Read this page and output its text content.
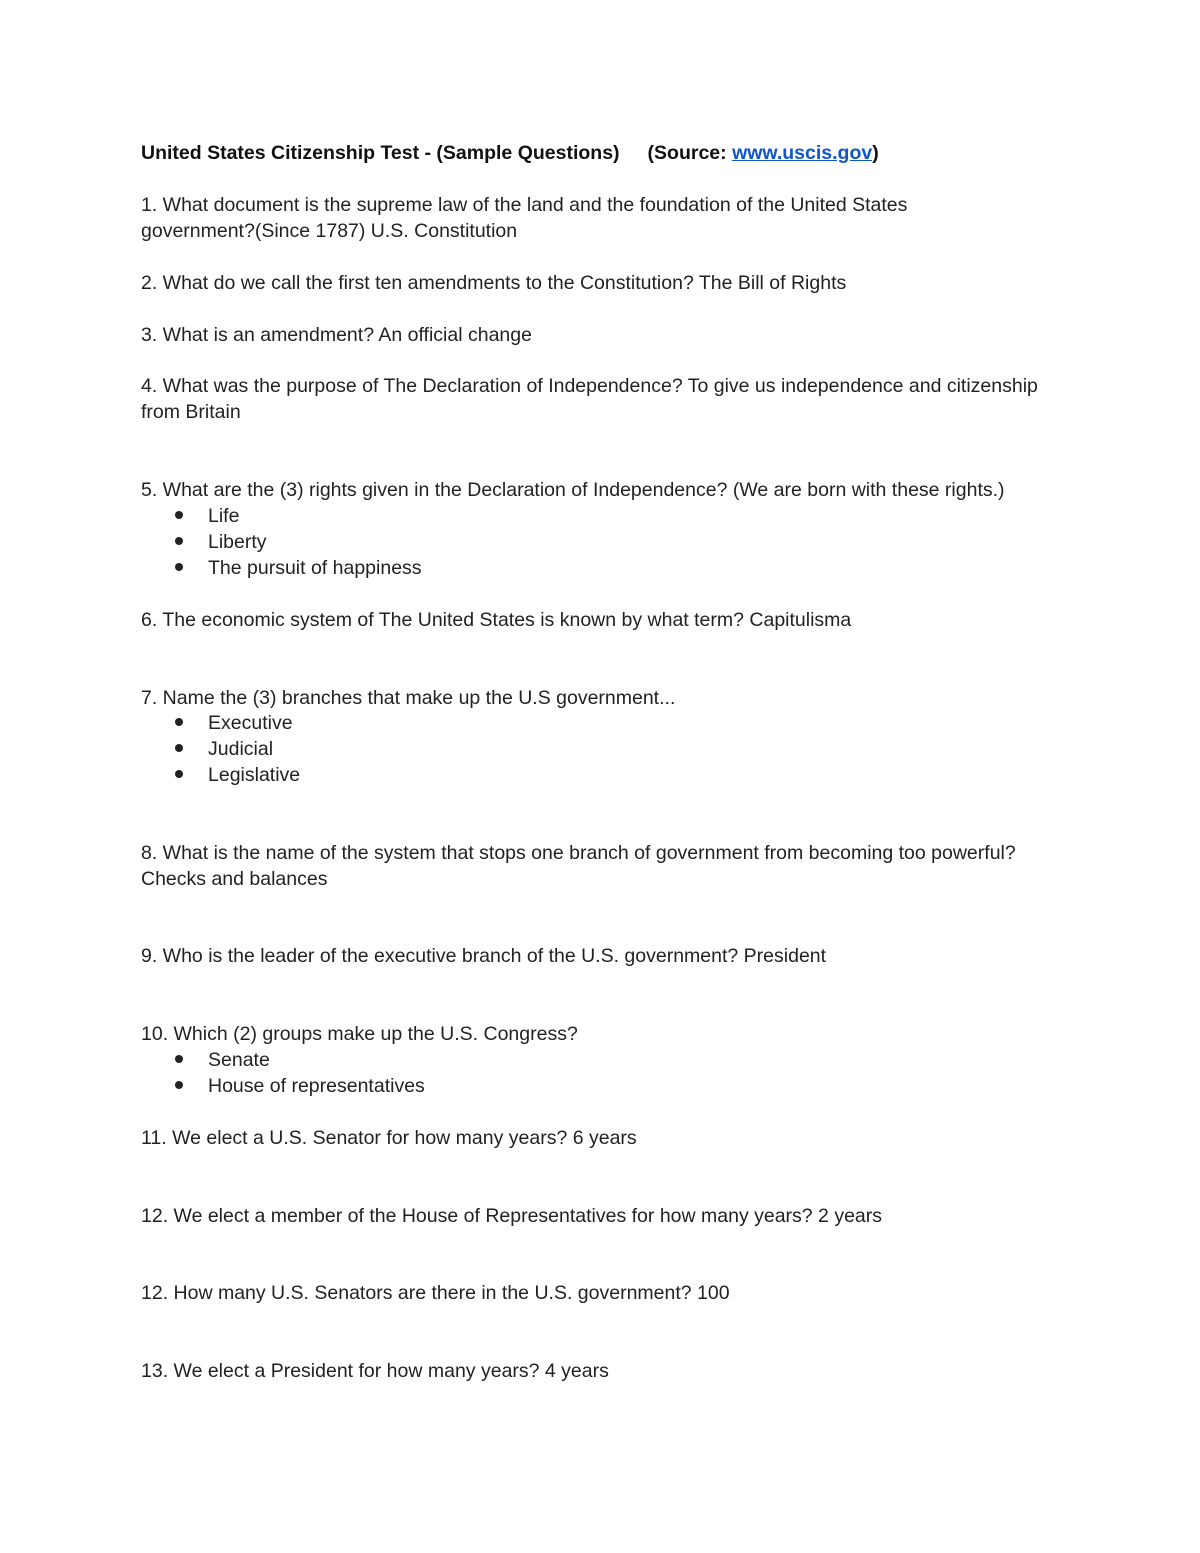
United States Citizenship Test - (Sample Questions) (Source: www.uscis.gov)

1. What document is the supreme law of the land and the foundation of the United States

government?(Since 1787) U.S. Constitution

2. What do we call the first ten amendments to the Constitution? The Bill of Rights

3. What is an amendment? An official change

4. What was the purpose of The Declaration of Independence? To give us independence and citizenship

from Britain

5. What are the (3) rights given in the Declaration of Independence? (We are born with these rights.)

Life
Liberty
The pursuit of happiness

6. The economic system of The United States is known by what term? Capitulisma

7. Name the (3) branches that make up the U.S government...

Executive
Judicial
Legislative

8. What is the name of the system that stops one branch of government from becoming too powerful?

Checks and balances

9. Who is the leader of the executive branch of the U.S. government? President

10. Which (2) groups make up the U.S. Congress?

Senate
House of representatives

11. We elect a U.S. Senator for how many years? 6 years

12. We elect a member of the House of Representatives for how many years? 2 years

12. How many U.S. Senators are there in the U.S. government? 100

13. We elect a President for how many years? 4 years
